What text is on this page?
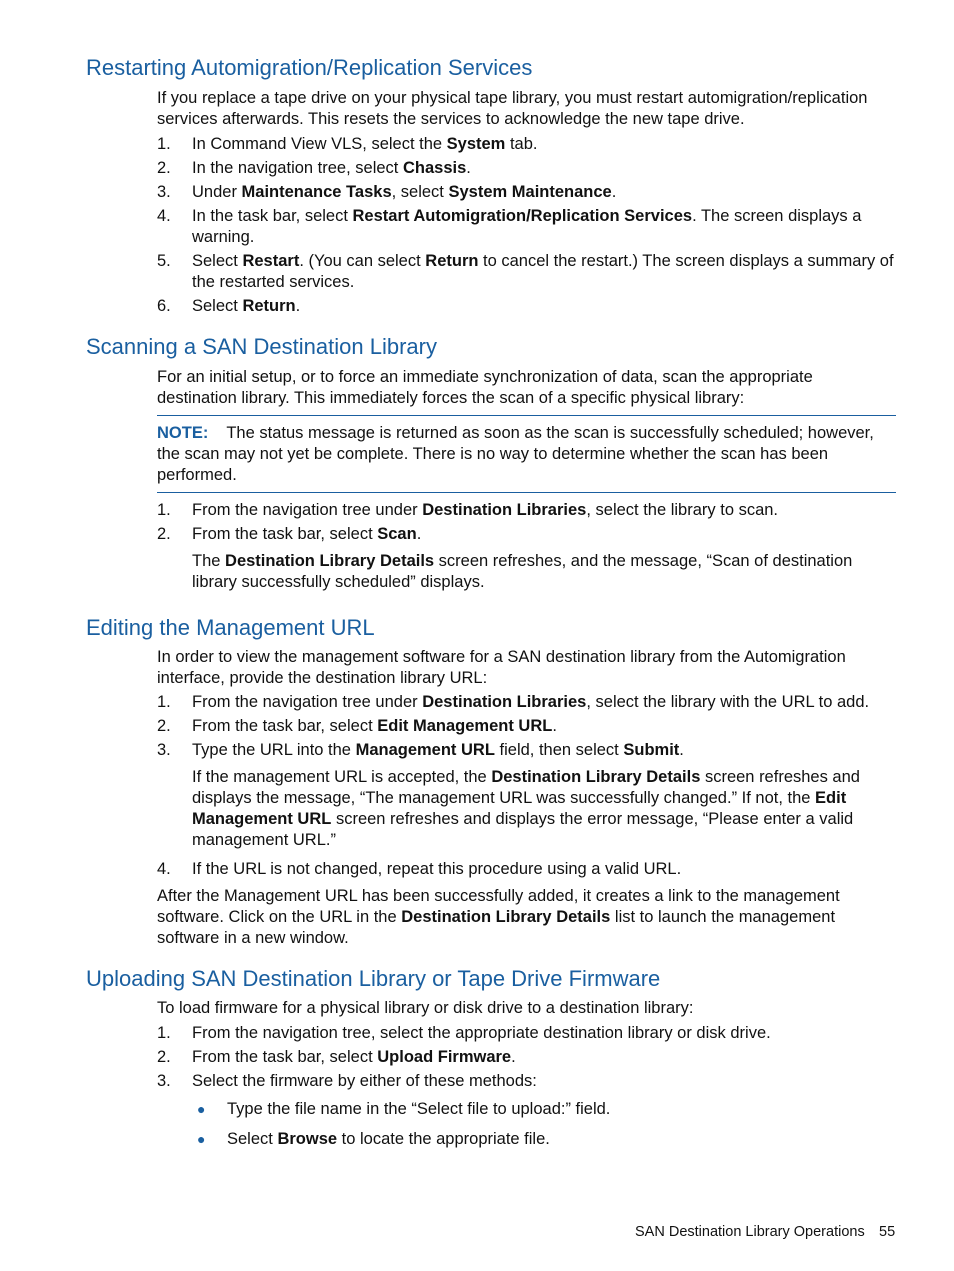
Restarting Automigration/Replication Services

If you replace a tape drive on your physical tape library, you must restart automigration/replication services afterwards. This resets the services to acknowledge the new tape drive.

1.	In Command View VLS, select the System tab.
2.	In the navigation tree, select Chassis.
3.	Under Maintenance Tasks, select System Maintenance.
4.	In the task bar, select Restart Automigration/Replication Services. The screen displays a warning.
5.	Select Restart. (You can select Return to cancel the restart.) The screen displays a summary of the restarted services.
6.	Select Return.
Scanning a SAN Destination Library

For an initial setup, or to force an immediate synchronization of data, scan the appropriate destination library. This immediately forces the scan of a specific physical library:

NOTE: The status message is returned as soon as the scan is successfully scheduled; however, the scan may not yet be complete. There is no way to determine whether the scan has been performed.
1.	From the navigation tree under Destination Libraries, select the library to scan.
2.	From the task bar, select Scan.

The Destination Library Details screen refreshes, and the message, “Scan of destination library successfully scheduled” displays.

Editing the Management URL

In order to view the management software for a SAN destination library from the Automigration interface, provide the destination library URL:

1.	From the navigation tree under Destination Libraries, select the library with the URL to add.
2.	From the task bar, select Edit Management URL.
3.	Type the URL into the Management URL field, then select Submit.

If the management URL is accepted, the Destination Library Details screen refreshes and displays the message, “The management URL was successfully changed.” If not, the Edit Management URL screen refreshes and displays the error message, “Please enter a valid management URL.”

4.	If the URL is not changed, repeat this procedure using a valid URL.

After the Management URL has been successfully added, it creates a link to the management software. Click on the URL in the Destination Library Details list to launch the management software in a new window.

Uploading SAN Destination Library or Tape Drive Firmware

To load firmware for a physical library or disk drive to a destination library:

1.	From the navigation tree, select the appropriate destination library or disk drive.
2.	From the task bar, select Upload Firmware.
3.	Select the firmware by either of these methods:
● Type the file name in the “Select file to upload:” field.
● Select Browse to locate the appropriate file.
SAN Destination Library Operations 55
